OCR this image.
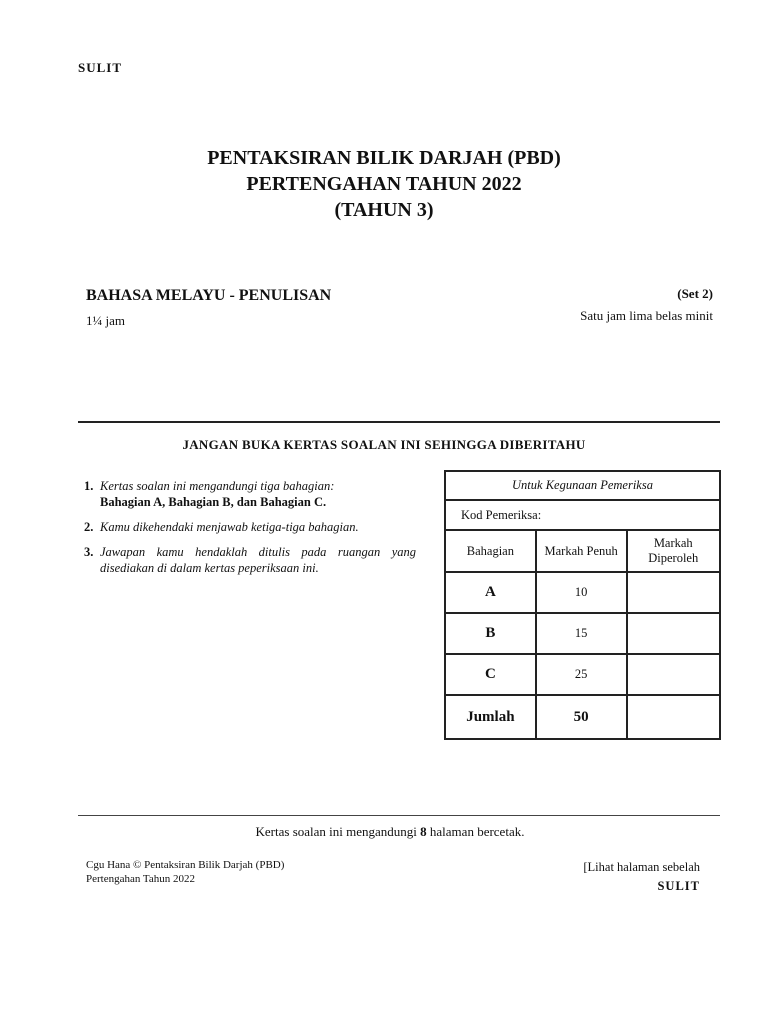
SULIT
PENTAKSIRAN BILIK DARJAH (PBD)
PERTENGAHAN TAHUN 2022
(TAHUN 3)
BAHASA MELAYU - PENULISAN	(Set 2)
1¼ jam	Satu jam lima belas minit
JANGAN BUKA KERTAS SOALAN INI SEHINGGA DIBERITAHU
1. Kertas soalan ini mengandungi tiga bahagian:
Bahagian A, Bahagian B, dan Bahagian C.
2. Kamu dikehendaki menjawab ketiga-tiga bahagian.
3. Jawapan kamu hendaklah ditulis pada ruangan yang disediakan di dalam kertas peperiksaan ini.
Untuk Kegunaan Pemeriksa		
Kod Pemeriksa:		
Bahagian	Markah Penuh	Markah Diperoleh
A	10	
B	15	
C	25	
Jumlah	50	
Kertas soalan ini mengandungi 8 halaman bercetak.
Cgu Hana © Pentaksiran Bilik Darjah (PBD)
Pertengahan Tahun 2022
[Lihat halaman sebelah
SULIT
